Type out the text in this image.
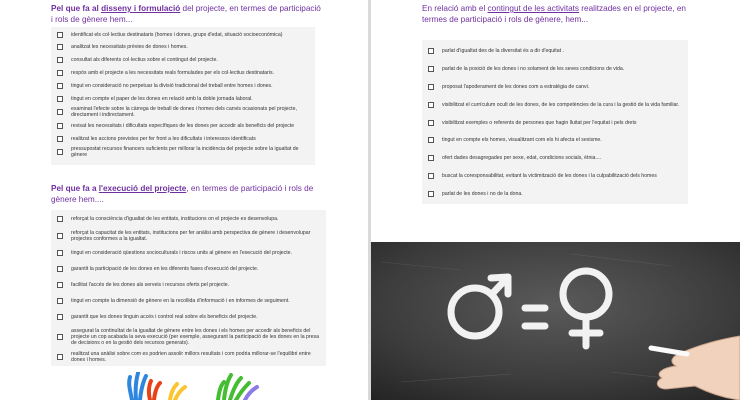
Pel que fa al disseny i formulació del projecte, en termes de participació i rols de gènere hem...
identificat els col·lectius destinataris (homes i dones, grups d'edat, situació socioeconòmica)
analitzat les necessitats prèvies de dones i homes.
consultat als diferents col·lectius sobre el contingut del projecte.
respós amb el projecte a les necessitats reals formulades per els col·lectius destinataris.
tingut en consideració no perpetuar la divisió tradicional del treball entre homes i dones.
tingut en compte el paper de les dones en relació amb la doble jornada laboral.
examinat l'efecte sobre la càrrega de treball de dones i homes dels canvis ocasionats pel projecte, directament i indirectament.
revisat les necessitats i dificultats específiques de les dones per accedir als beneficis del projecte
realitzat les accions previstes per fer front a les dificultats i interessos identificats
pressupostat recursos financers suficients per millorar la incidència del projecte sobre la igualtat de gènere
Pel que fa a l'execució del projecte, en termes de participació i rols de gènere hem....
reforçat la consciència d'igualtat de les entitats, institucions on el projecte es desenvolupa.
reforçat la capacitat de les entitats, institucions per fer anàlisi amb perspectiva de gènere i desenvolupar projectes conformes a la igualtat.
tingut en consideració qüestions socioculturals i riscos units al gènere en l'execució del projecte.
garantit la participació de les dones en les diferents fases d'execució del projecte.
facilitat l'accés de les dones als serveis i recursos oferts pel projecte.
tingut en compte la dimensió de gènere en la recollida d'informació i en informes de seguiment.
garantit que les dones tinguin accés i control real sobre els beneficis del projecte.
assegurat la continuïtat de la igualtat de gènere entre les dones i els homes per accedir als beneficis del projecte un cop acabada la seva execució (per exemple, assegurant la participació de les dones en la presa de decisions o en la gestió dels recursos generats).
realitzat una anàlisi sobre com es podrien assolir millors resultats i com podria millorar-se l'equilibri entre dones i homes.
En relació amb el contingut de les activitats realitzades en el projecte, en termes de participació i rols de gènere, hem...
parlat d'igualtat des de la diversitat és a dir d'equitat .
parlat de la posició de les dones i no solament de les seves condicions de vida.
proposat l'apoderament de les dones com a estratègia de canvi.
visibilitzat el currículum ocult de les dones, de les competències de la cura i la gestió de la vida familiar.
visibilitzat exemples o referents de persones que hagin lluitat per l'equitat i pels drets
tingut en compte els homes, visualitzant com els hi afecta el sexisme.
ofert dades desagregades per sexe, edat, condicions socials, ètnia....
buscat la coresponsabilitat, evitant la victimització de les dones i la culpabilització dels homes
parlat de les dones i no de la dona.
